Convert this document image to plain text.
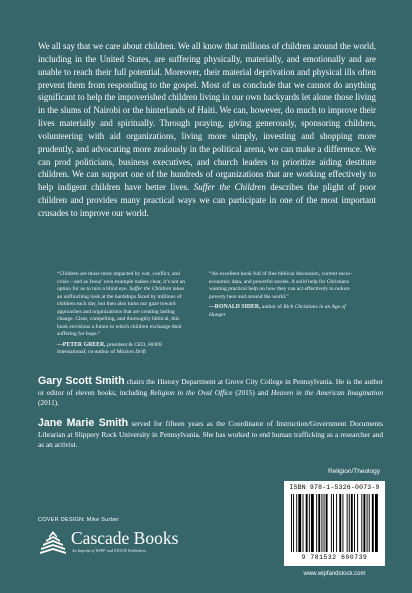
We all say that we care about children. We all know that millions of children around the world, including in the United States, are suffering physically, materially, and emotionally and are unable to reach their full potential. Moreover, their material deprivation and physical ills often prevent them from responding to the gospel. Most of us conclude that we cannot do anything significant to help the impoverished children living in our own backyards let alone those living in the slums of Nairobi or the hinterlands of Haiti. We can, however, do much to improve their lives materially and spiritually. Through praying, giving generously, sponsoring children, volunteering with aid organizations, living more simply, investing and shopping more prudently, and advocating more zealously in the political arena, we can make a difference. We can prod politicians, business executives, and church leaders to prioritize aiding destitute children. We can support one of the hundreds of organizations that are working effectively to help indigent children have better lives. Suffer the Children describes the plight of poor children and provides many practical ways we can participate in one of the most important crusades to improve our world.

“Children are those most impacted by war, conflict, and crisis—and as Jesus’ own example makes clear, it’s not an option for us to turn a blind eye. Suffer the Children takes an unflinching look at the hardships faced by millions of children each day, but then also turns our gaze toward approaches and organizations that are creating lasting change. Clear, compelling, and thoroughly biblical, this book envisions a future in which children exchange their suffering for hope.”

—PETER GREER, president & CEO, HOPE International; co-author of Mission Drift

“An excellent book full of fine biblical discussion, current socio-economic data, and powerful stories. A solid help for Christians wanting practical help on how they can act effectively to reduce poverty here and around the world.”

—RONALD SIDER, author of Rich Christians in an Age of Hunger

Gary Scott Smith chairs the History Department at Grove City College in Pennsylvania. He is the author or editor of eleven books, including Religion in the Oval Office (2015) and Heaven in the American Imagination (2011).

Jane Marie Smith served for fifteen years as the Coordinator of Instruction/Government Documents Librarian at Slippery Rock University in Pennsylvania. She has worked to end human trafficking as a researcher and as an activist.

Religion/Theology
ISBN 978-1-5326-0073-9
9 781532 600739
www.wipfandstock.com
COVER DESIGN: Mike Surber
Cascade Books
An Imprint of WIPF and STOCK Publishers
